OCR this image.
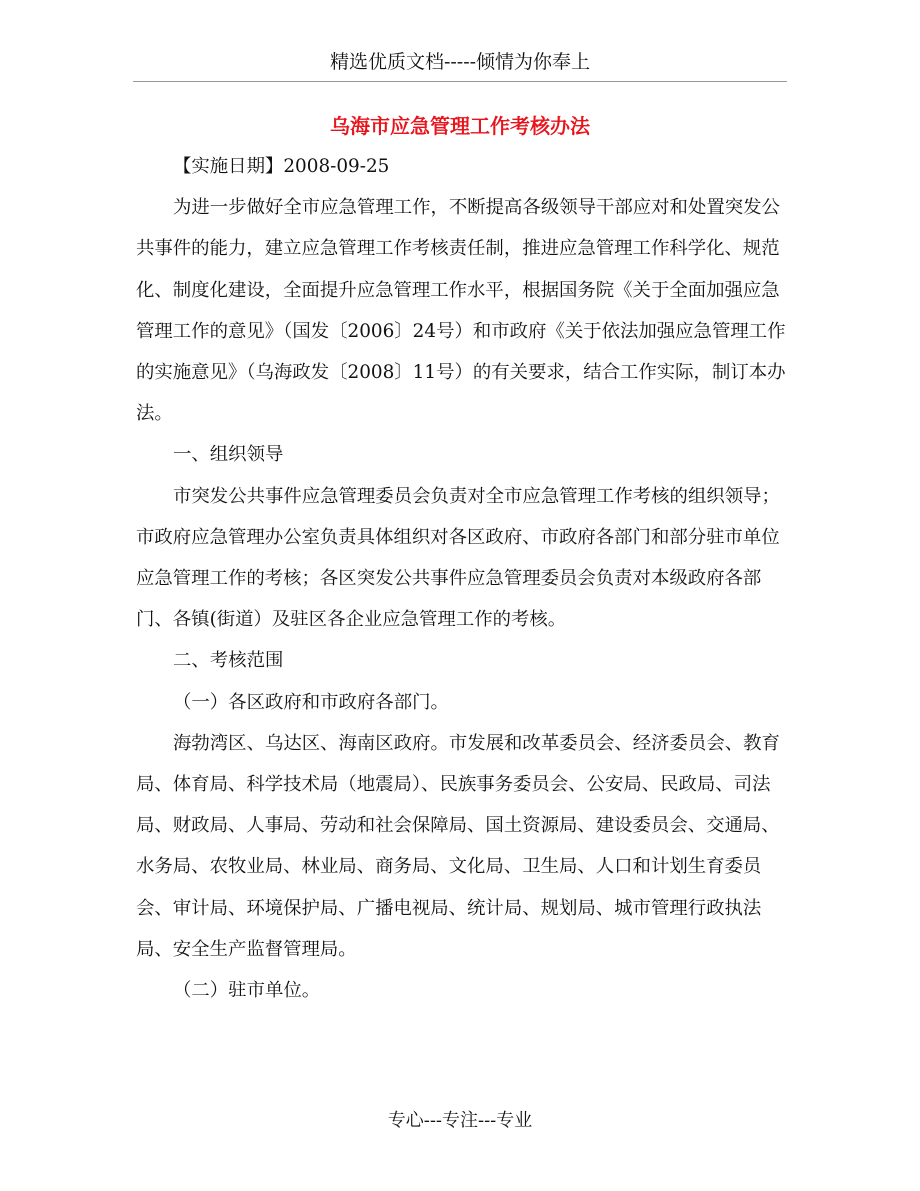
精选优质文档-----倾情为你奉上
乌海市应急管理工作考核办法

【实施日期】2008-09-25

为进一步做好全市应急管理工作，不断提高各级领导干部应对和处置突发公共事件的能力，建立应急管理工作考核责任制，推进应急管理工作科学化、规范化、制度化建设，全面提升应急管理工作水平，根据国务院《关于全面加强应急管理工作的意见》（国发〔2006〕24号）和市政府《关于依法加强应急管理工作的实施意见》（乌海政发〔2008〕11号）的有关要求，结合工作实际，制订本办法。

一、组织领导

市突发公共事件应急管理委员会负责对全市应急管理工作考核的组织领导；市政府应急管理办公室负责具体组织对各区政府、市政府各部门和部分驻市单位应急管理工作的考核；各区突发公共事件应急管理委员会负责对本级政府各部门、各镇(街道）及驻区各企业应急管理工作的考核。

二、考核范围

（一）各区政府和市政府各部门。

海勃湾区、乌达区、海南区政府。市发展和改革委员会、经济委员会、教育局、体育局、科学技术局（地震局）、民族事务委员会、公安局、民政局、司法局、财政局、人事局、劳动和社会保障局、国土资源局、建设委员会、交通局、水务局、农牧业局、林业局、商务局、文化局、卫生局、人口和计划生育委员会、审计局、环境保护局、广播电视局、统计局、规划局、城市管理行政执法局、安全生产监督管理局。

（二）驻市单位。

专心---专注---专业
